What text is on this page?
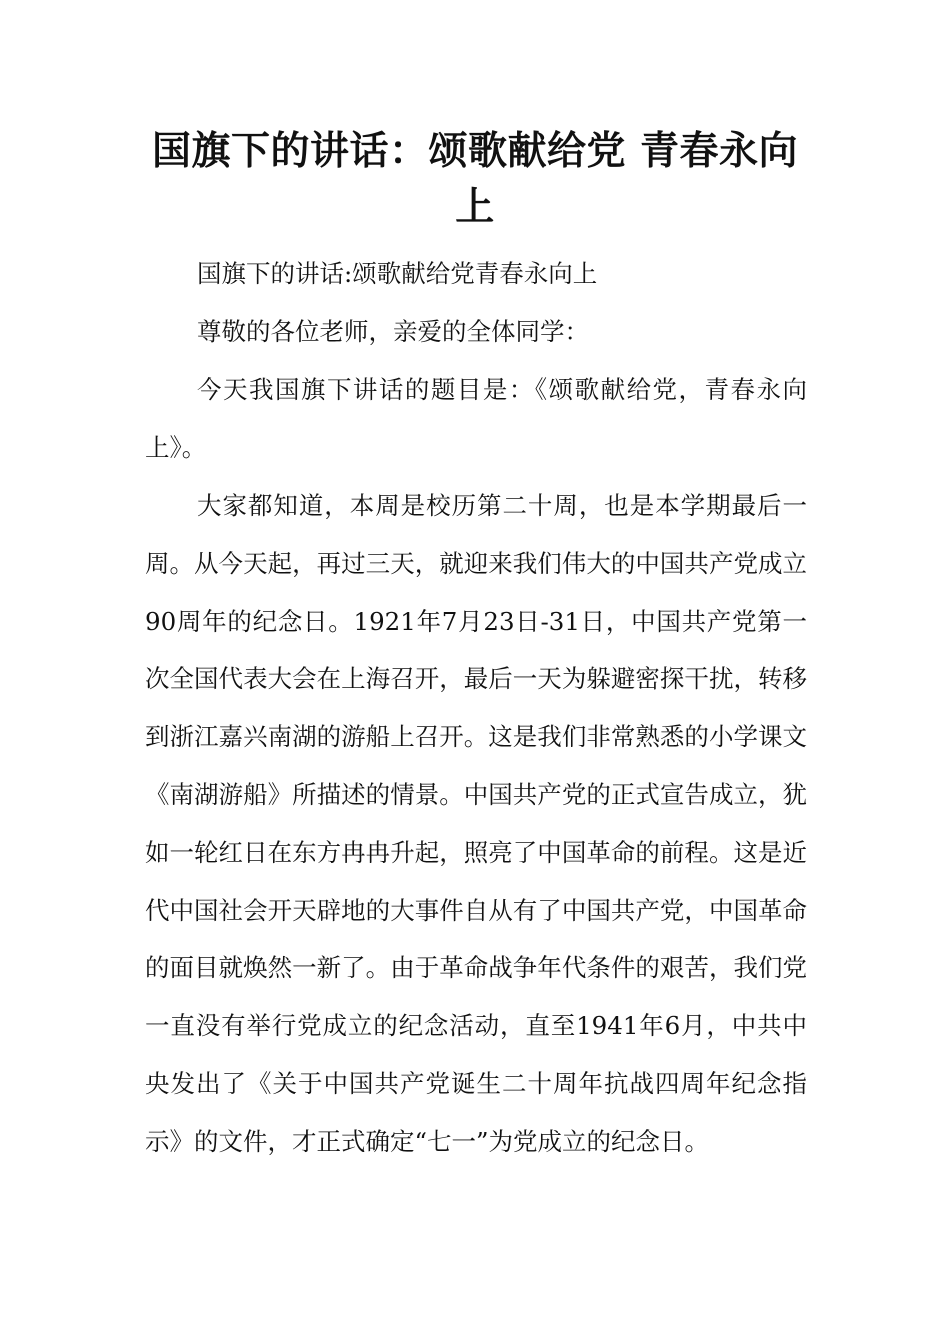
国旗下的讲话：颂歌献给党 青春永向
上

国旗下的讲话:颂歌献给党青春永向上

尊敬的各位老师，亲爱的全体同学：

今天我国旗下讲话的题目是：《颂歌献给党，青春永向上》。

大家都知道，本周是校历第二十周，也是本学期最后一周。从今天起，再过三天，就迎来我们伟大的中国共产党成立90周年的纪念日。1921年7月23日-31日，中国共产党第一次全国代表大会在上海召开，最后一天为躲避密探干扰，转移到浙江嘉兴南湖的游船上召开。这是我们非常熟悉的小学课文《南湖游船》所描述的情景。中国共产党的正式宣告成立，犹如一轮红日在东方冉冉升起，照亮了中国革命的前程。这是近代中国社会开天辟地的大事件自从有了中国共产党，中国革命的面目就焕然一新了。由于革命战争年代条件的艰苦，我们党一直没有举行党成立的纪念活动，直至1941年6月，中共中央发出了《关于中国共产党诞生二十周年抗战四周年纪念指示》的文件，才正式确定“七一”为党成立的纪念日。
